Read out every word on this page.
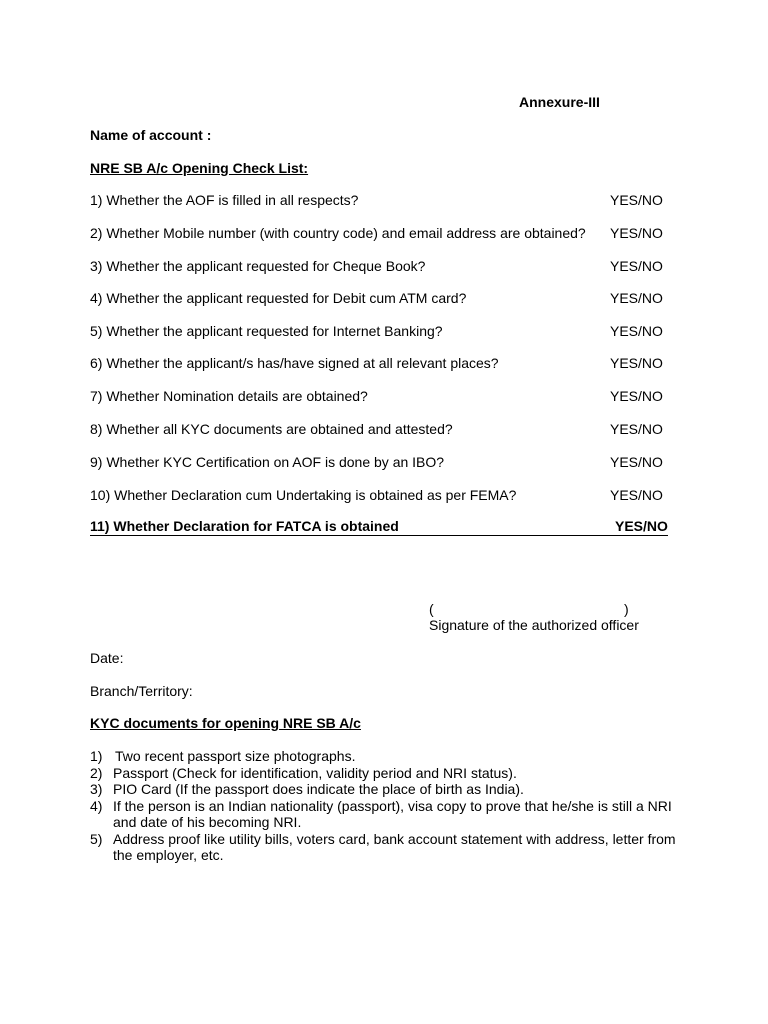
Annexure-III
Name of account :
NRE SB A/c Opening Check List:
1) Whether the AOF is filled in all respects?	YES/NO
2) Whether Mobile number (with country code) and email address are obtained? YES/NO
3) Whether the applicant requested for Cheque Book?	YES/NO
4) Whether the applicant requested for Debit cum ATM card?	YES/NO
5) Whether the applicant requested for Internet Banking?	YES/NO
6) Whether the applicant/s has/have signed at all relevant places?	YES/NO
7) Whether Nomination details are obtained?	YES/NO
8) Whether all KYC documents are obtained and attested?	YES/NO
9) Whether KYC Certification on AOF is done by an IBO?	YES/NO
10) Whether Declaration cum Undertaking is obtained as per FEMA?	YES/NO
11) Whether Declaration for FATCA is obtained	YES/NO
(	)
Signature of the authorized officer
Date:
Branch/Territory:
KYC documents for opening NRE SB A/c
1) Two recent passport size photographs.
2) Passport (Check for identification, validity period and NRI status).
3) PIO Card (If the passport does indicate the place of birth as India).
4) If the person is an Indian nationality (passport), visa copy to prove that he/she is still a NRI and date of his becoming NRI.
5) Address proof like utility bills, voters card, bank account statement with address, letter from the employer, etc.
